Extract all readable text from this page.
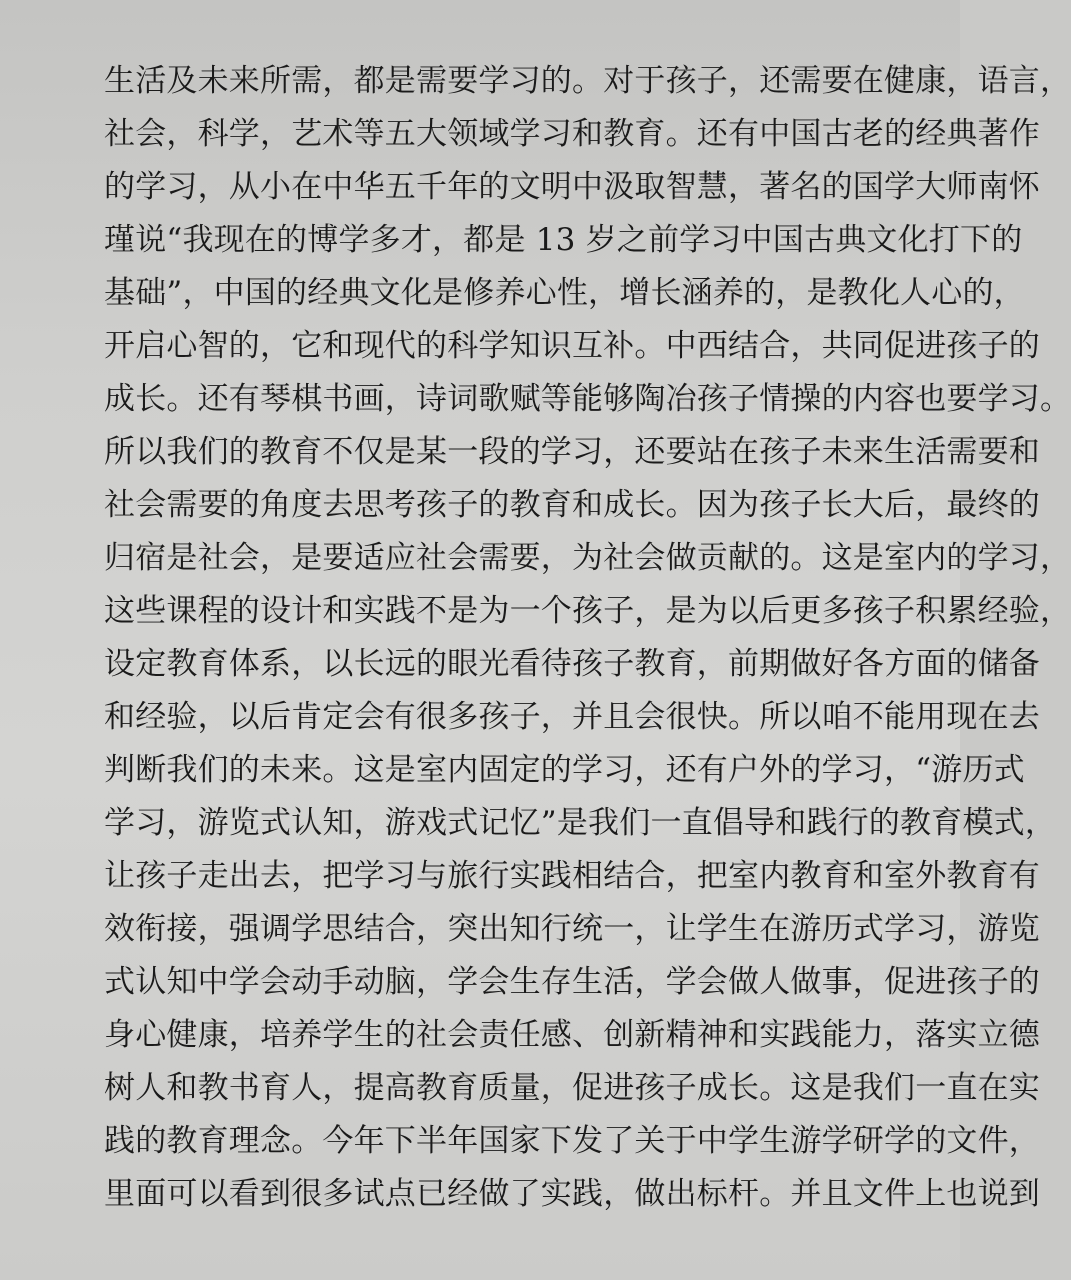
生活及未来所需，都是需要学习的。对于孩子，还需要在健康，语言，
社会，科学，艺术等五大领域学习和教育。还有中国古老的经典著作
的学习，从小在中华五千年的文明中汲取智慧，著名的国学大师南怀
瑾说“我现在的博学多才，都是 13 岁之前学习中国古典文化打下的
基础”，中国的经典文化是修养心性，增长涵养的，是教化人心的，
开启心智的，它和现代的科学知识互补。中西结合，共同促进孩子的
成长。还有琴棋书画，诗词歌赋等能够陶冶孩子情操的内容也要学习。
所以我们的教育不仅是某一段的学习，还要站在孩子未来生活需要和
社会需要的角度去思考孩子的教育和成长。因为孩子长大后，最终的
归宿是社会，是要适应社会需要，为社会做贡献的。这是室内的学习，
这些课程的设计和实践不是为一个孩子，是为以后更多孩子积累经验，
设定教育体系，以长远的眼光看待孩子教育，前期做好各方面的储备
和经验，以后肯定会有很多孩子，并且会很快。所以咱不能用现在去
判断我们的未来。这是室内固定的学习，还有户外的学习，“游历式
学习，游览式认知，游戏式记忆”是我们一直倡导和践行的教育模式，
让孩子走出去，把学习与旅行实践相结合，把室内教育和室外教育有
效衔接，强调学思结合，突出知行统一，让学生在游历式学习，游览
式认知中学会动手动脑，学会生存生活，学会做人做事，促进孩子的
身心健康，培养学生的社会责任感、创新精神和实践能力，落实立德
树人和教书育人，提高教育质量，促进孩子成长。这是我们一直在实
践的教育理念。今年下半年国家下发了关于中学生游学研学的文件，
里面可以看到很多试点已经做了实践，做出标杆。并且文件上也说到
